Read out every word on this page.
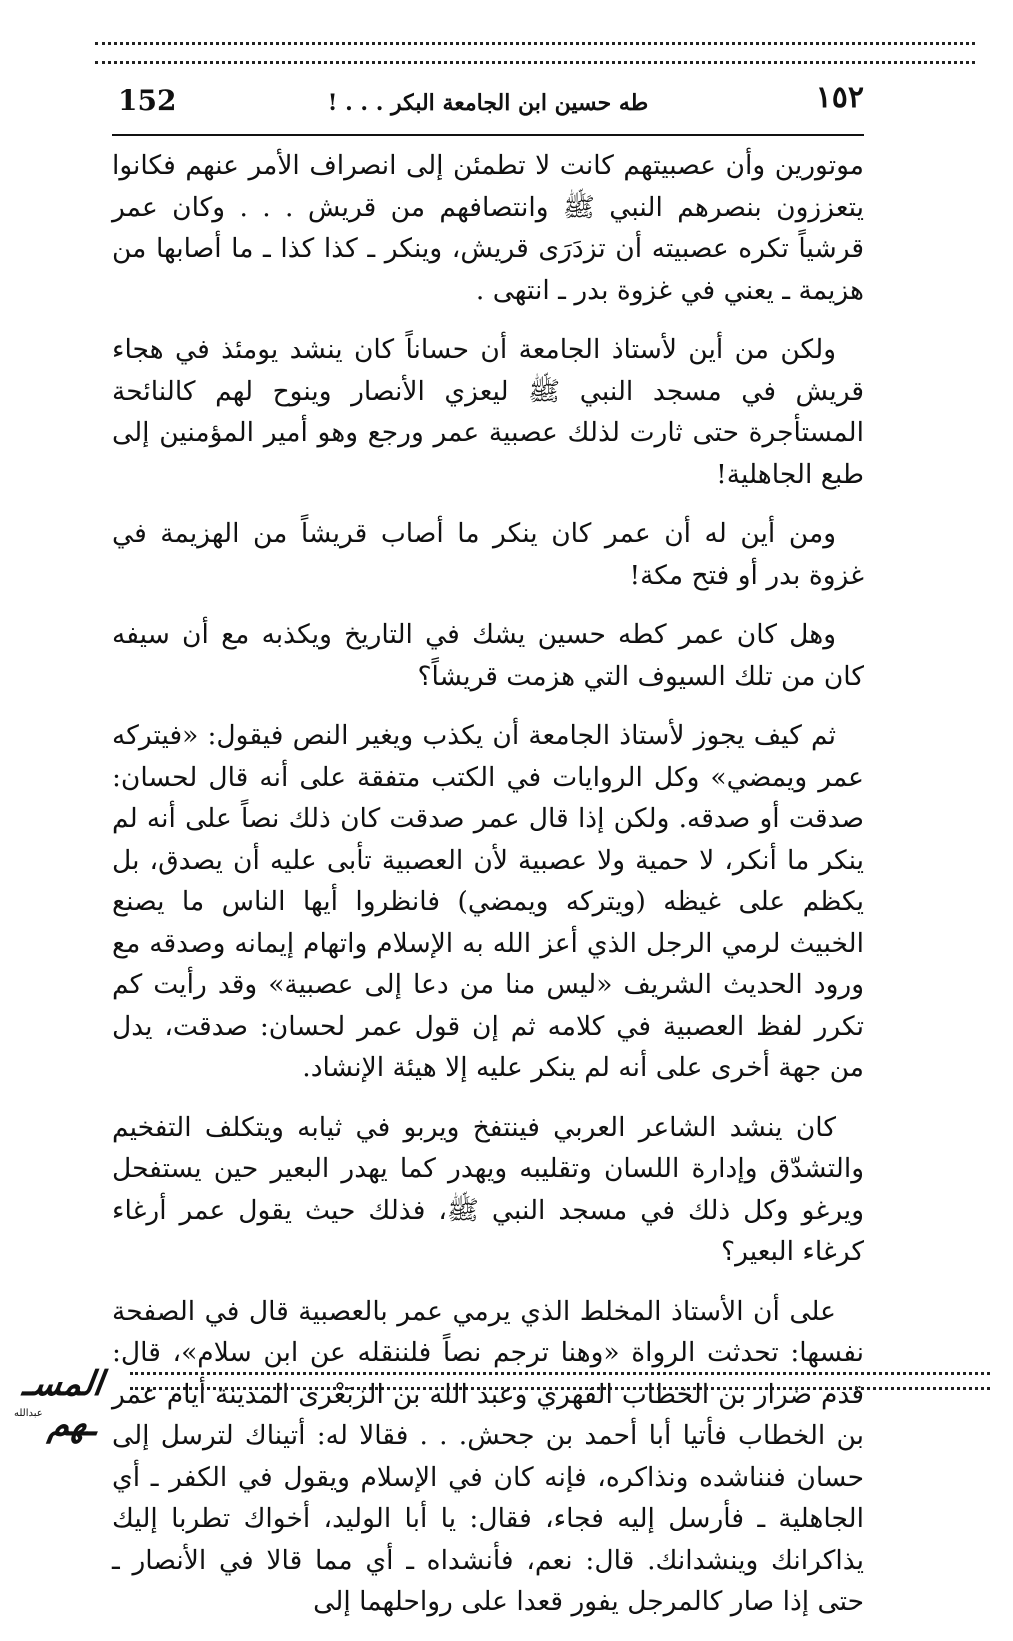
152	طه حسين ابن الجامعة البكر . . . !	١٥٢

موتورين وأن عصبيتهم كانت لا تطمئن إلى انصراف الأمر عنهم فكانوا يتعززون بنصرهم النبي ﷺ وانتصافهم من قريش . . . وكان عمر قرشياً تكره عصبيته أن تزدَرَى قريش، وينكر ـ كذا كذا ـ ما أصابها من هزيمة ـ يعني في غزوة بدر ـ انتهى .

ولكن من أين لأستاذ الجامعة أن حساناً كان ينشد يومئذ في هجاء قريش في مسجد النبي ﷺ ليعزي الأنصار وينوح لهم كالنائحة المستأجرة حتى ثارت لذلك عصبية عمر ورجع وهو أمير المؤمنين إلى طبع الجاهلية!

ومن أين له أن عمر كان ينكر ما أصاب قريشاً من الهزيمة في غزوة بدر أو فتح مكة!

وهل كان عمر كطه حسين يشك في التاريخ ويكذبه مع أن سيفه كان من تلك السيوف التي هزمت قريشاً؟

ثم كيف يجوز لأستاذ الجامعة أن يكذب ويغير النص فيقول: «فيتركه عمر ويمضي» وكل الروايات في الكتب متفقة على أنه قال لحسان: صدقت أو صدقه. ولكن إذا قال عمر صدقت كان ذلك نصاً على أنه لم ينكر ما أنكر، لا حمية ولا عصبية لأن العصبية تأبى عليه أن يصدق، بل يكظم على غيظه (ويتركه ويمضي) فانظروا أيها الناس ما يصنع الخبيث لرمي الرجل الذي أعز الله به الإسلام واتهام إيمانه وصدقه مع ورود الحديث الشريف «ليس منا من دعا إلى عصبية» وقد رأيت كم تكرر لفظ العصبية في كلامه ثم إن قول عمر لحسان: صدقت، يدل من جهة أخرى على أنه لم ينكر عليه إلا هيئة الإنشاد.

كان ينشد الشاعر العربي فينتفخ ويربو في ثيابه ويتكلف التفخيم والتشدّق وإدارة اللسان وتقليبه ويهدر كما يهدر البعير حين يستفحل ويرغو وكل ذلك في مسجد النبي ﷺ، فذلك حيث يقول عمر أرغاء كرغاء البعير؟

على أن الأستاذ المخلط الذي يرمي عمر بالعصبية قال في الصفحة نفسها: تحدثت الرواة «وهنا ترجم نصاً فلننقله عن ابن سلام»، قال: قدم ضرار بن الخطاب الفهري وعبد الله بن الزبَعْرى المدينة أيام عمر بن الخطاب فأتيا أبا أحمد بن جحش. . . فقالا له: أتيناك لترسل إلى حسان فنناشده ونذاكره، فإنه كان في الإسلام ويقول في الكفر ـ أي الجاهلية ـ فأرسل إليه فجاء، فقال: يا أبا الوليد، أخواك تطربا إليك يذاكرانك وينشدانك. قال: نعم، فأنشداه ـ أي مما قالا في الأنصار ـ حتى إذا صار كالمرجل يفور قعدا على رواحلهما إلى

المسـ ـهم
عبدالله
